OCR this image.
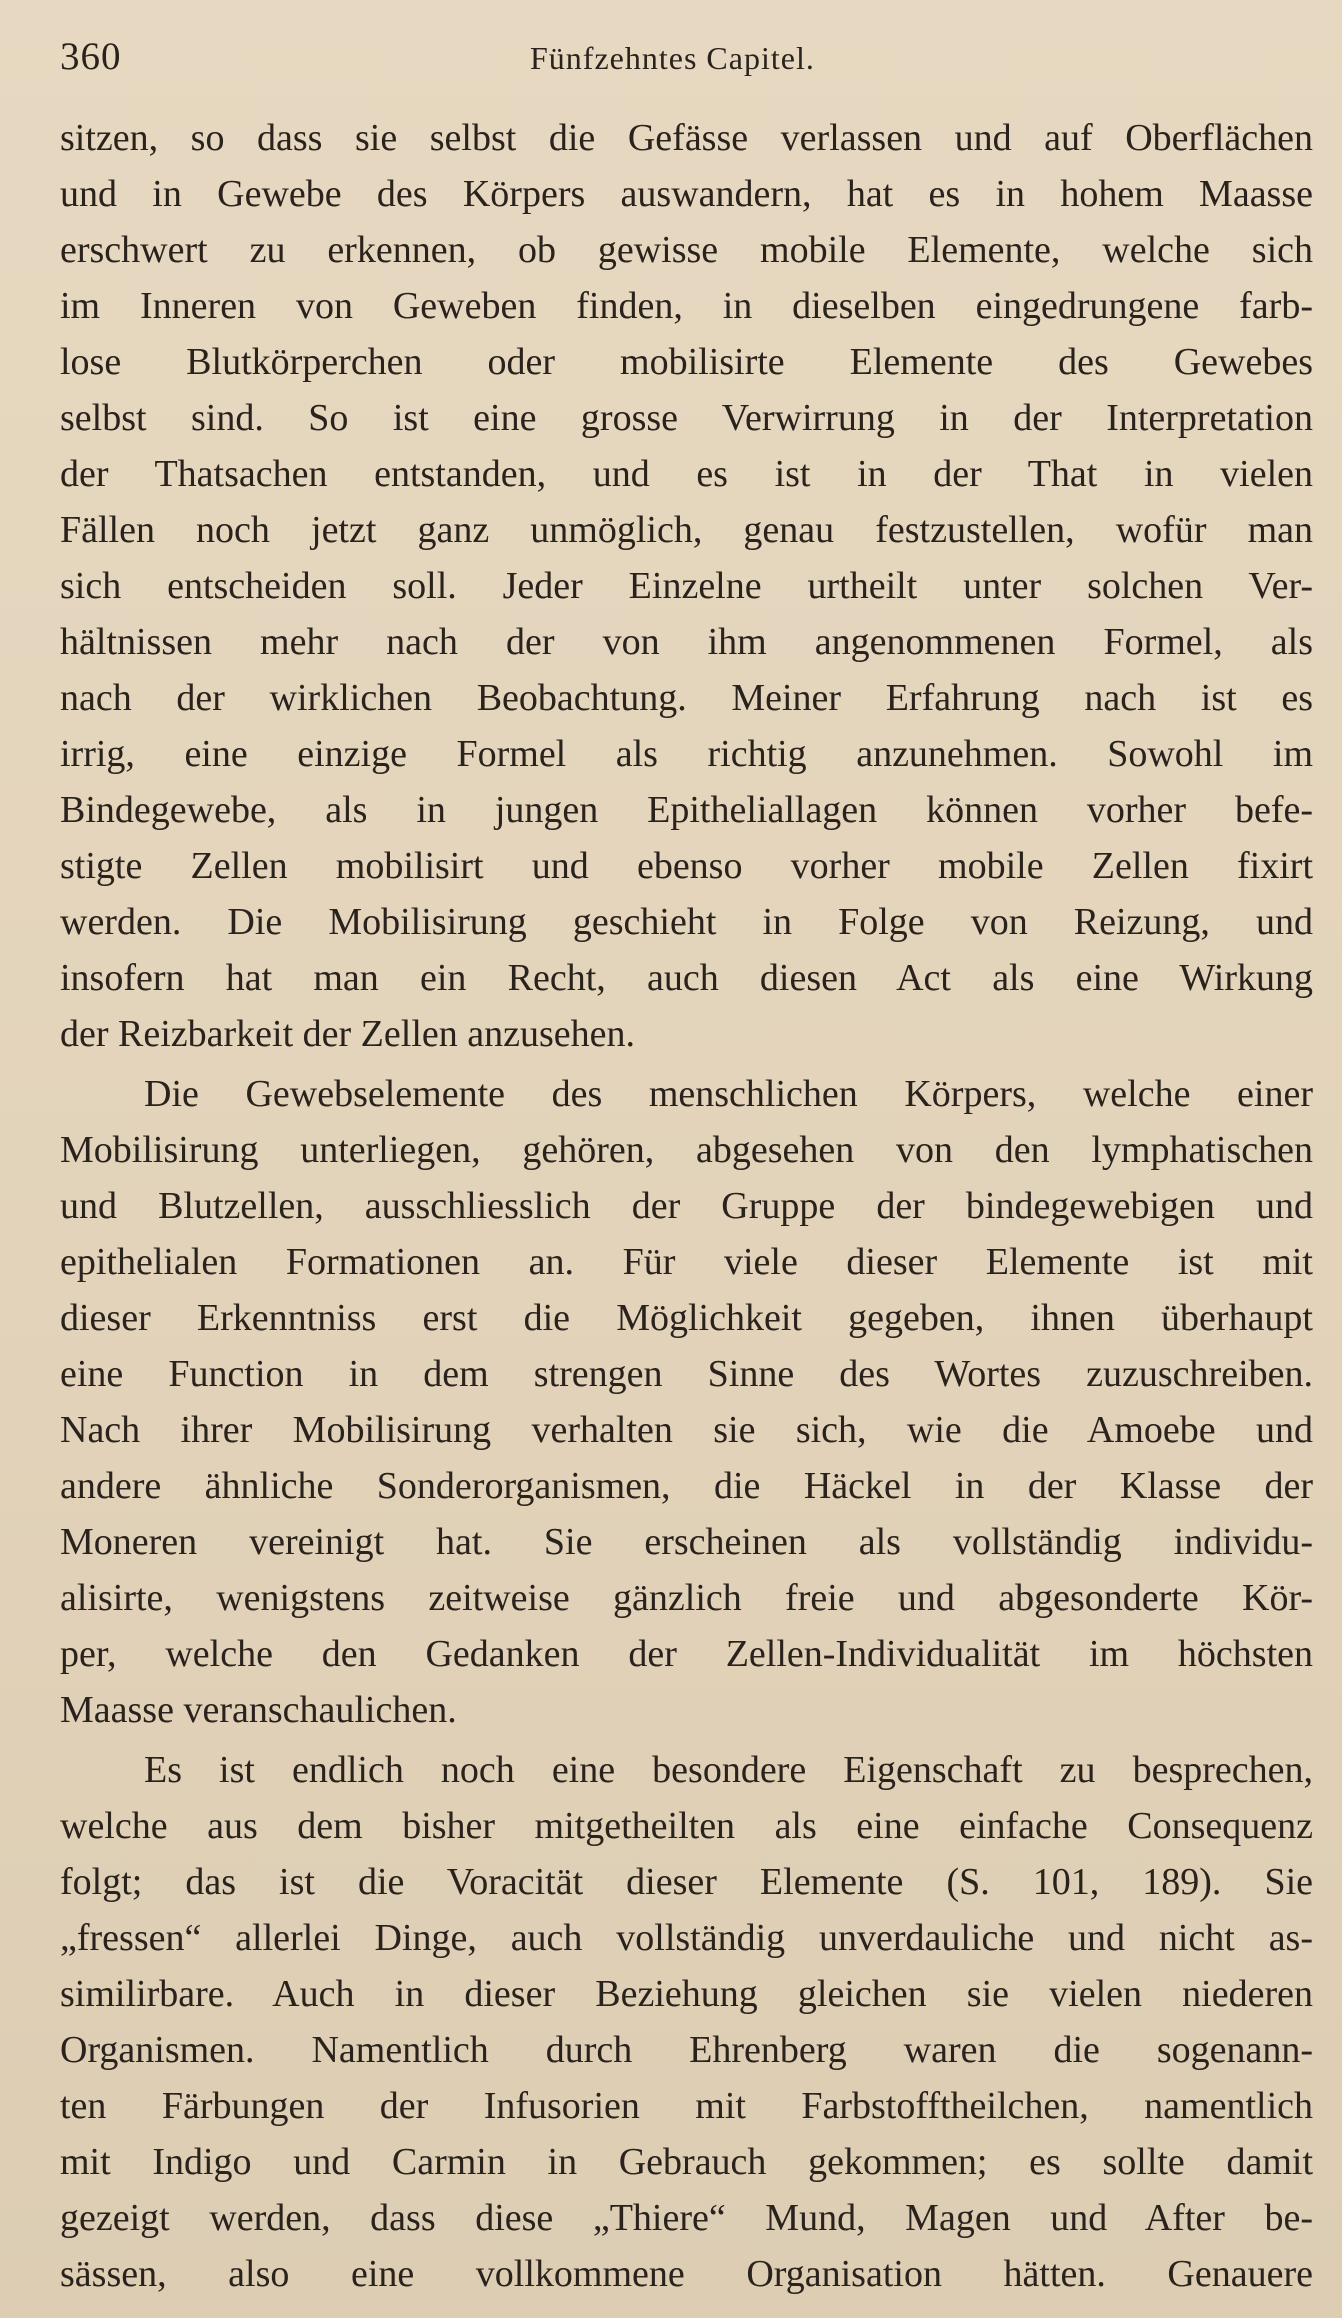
360	Fünfzehntes Capitel.
sitzen, so dass sie selbst die Gefässe verlassen und auf Oberflächen
und in Gewebe des Körpers auswandern, hat es in hohem Maasse
erschwert zu erkennen, ob gewisse mobile Elemente, welche sich
im Inneren von Geweben finden, in dieselben eingedrungene farb-
lose Blutkörperchen oder mobilisirte Elemente des Gewebes
selbst sind. So ist eine grosse Verwirrung in der Interpretation
der Thatsachen entstanden, und es ist in der That in vielen
Fällen noch jetzt ganz unmöglich, genau festzustellen, wofür man
sich entscheiden soll. Jeder Einzelne urtheilt unter solchen Ver-
hältnissen mehr nach der von ihm angenommenen Formel, als
nach der wirklichen Beobachtung. Meiner Erfahrung nach ist es
irrig, eine einzige Formel als richtig anzunehmen. Sowohl im
Bindegewebe, als in jungen Epitheliallagen können vorher befe-
stigte Zellen mobilisirt und ebenso vorher mobile Zellen fixirt
werden. Die Mobilisirung geschieht in Folge von Reizung, und
insofern hat man ein Recht, auch diesen Act als eine Wirkung
der Reizbarkeit der Zellen anzusehen.
Die Gewebselemente des menschlichen Körpers, welche einer
Mobilisirung unterliegen, gehören, abgesehen von den lymphatischen
und Blutzellen, ausschliesslich der Gruppe der bindegewebigen und
epithelialen Formationen an. Für viele dieser Elemente ist mit
dieser Erkenntniss erst die Möglichkeit gegeben, ihnen überhaupt
eine Function in dem strengen Sinne des Wortes zuzuschreiben.
Nach ihrer Mobilisirung verhalten sie sich, wie die Amoebe und
andere ähnliche Sonderorganismen, die Häckel in der Klasse der
Moneren vereinigt hat. Sie erscheinen als vollständig individu-
alisirte, wenigstens zeitweise gänzlich freie und abgesonderte Kör-
per, welche den Gedanken der Zellen-Individualität im höchsten
Maasse veranschaulichen.
Es ist endlich noch eine besondere Eigenschaft zu besprechen,
welche aus dem bisher mitgetheilten als eine einfache Consequenz
folgt; das ist die Voracität dieser Elemente (S. 101, 189). Sie
„fressen“ allerlei Dinge, auch vollständig unverdauliche und nicht as-
similirbare. Auch in dieser Beziehung gleichen sie vielen niederen
Organismen. Namentlich durch Ehrenberg waren die sogenann-
ten Färbungen der Infusorien mit Farbstofftheilchen, namentlich
mit Indigo und Carmin in Gebrauch gekommen; es sollte damit
gezeigt werden, dass diese „Thiere“ Mund, Magen und After be-
sässen, also eine vollkommene Organisation hätten. Genauere
